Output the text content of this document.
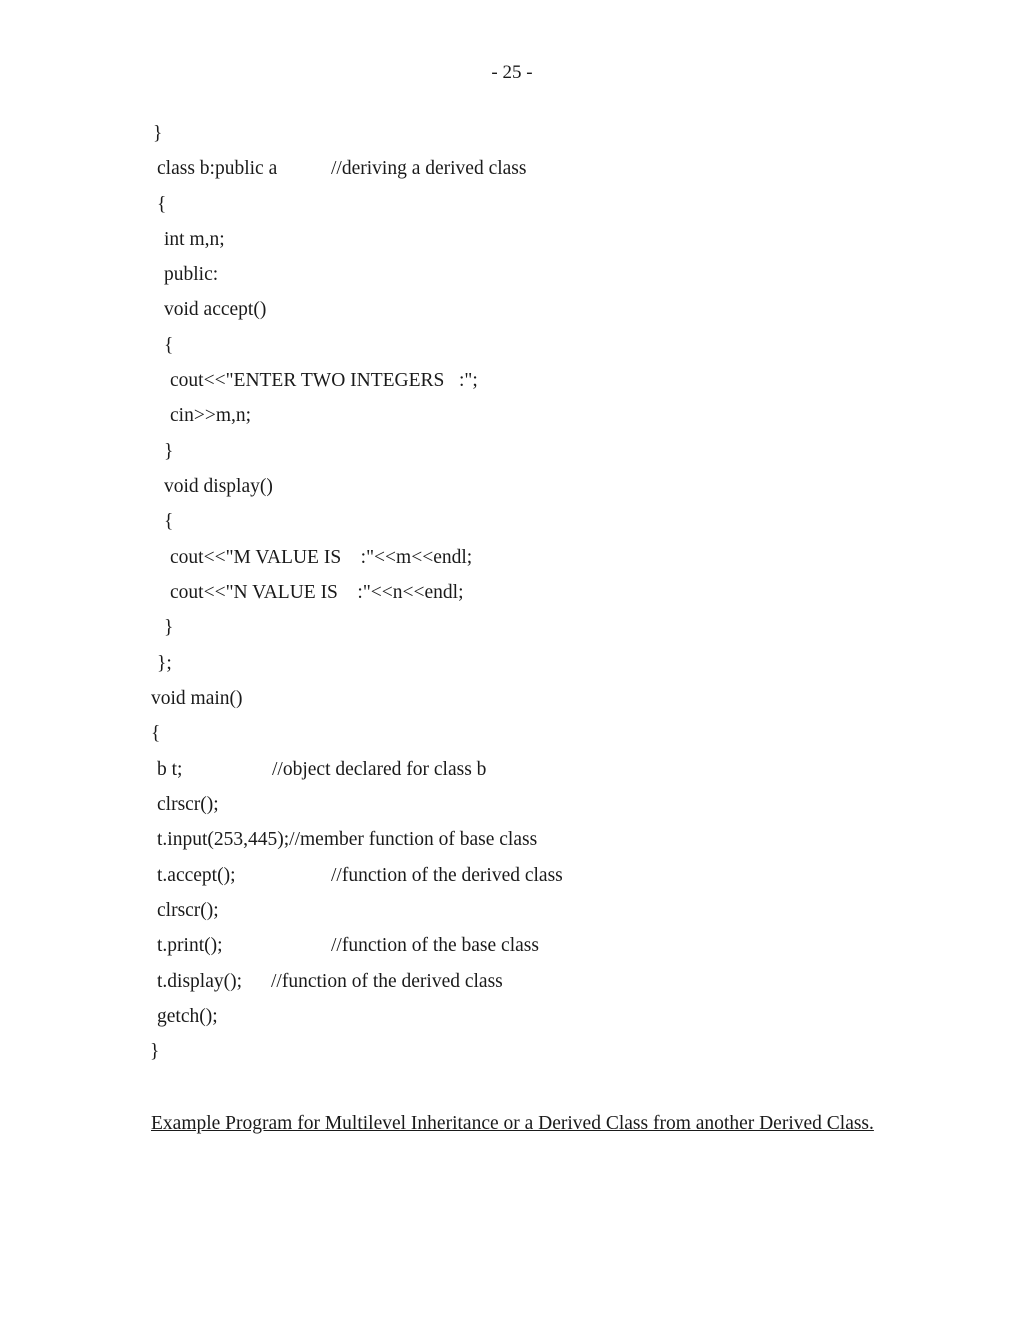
- 25 -
}
class b:public a	//deriving a derived class
{
int m,n;
public:
void accept()
{
cout<<"ENTER TWO INTEGERS   :";
cin>>m,n;
}
void display()
{
cout<<"M VALUE IS    :"<<m<<endl;
cout<<"N VALUE IS    :"<<n<<endl;
}
};
void main()
{
b t;	//object declared for class b
clrscr();
t.input(253,445);//member function of base class
t.accept();	//function of the derived class
clrscr();
t.print();	//function of the base class
t.display(); //function of the derived class
getch();
}
Example Program for Multilevel Inheritance or a Derived Class from another Derived Class.
